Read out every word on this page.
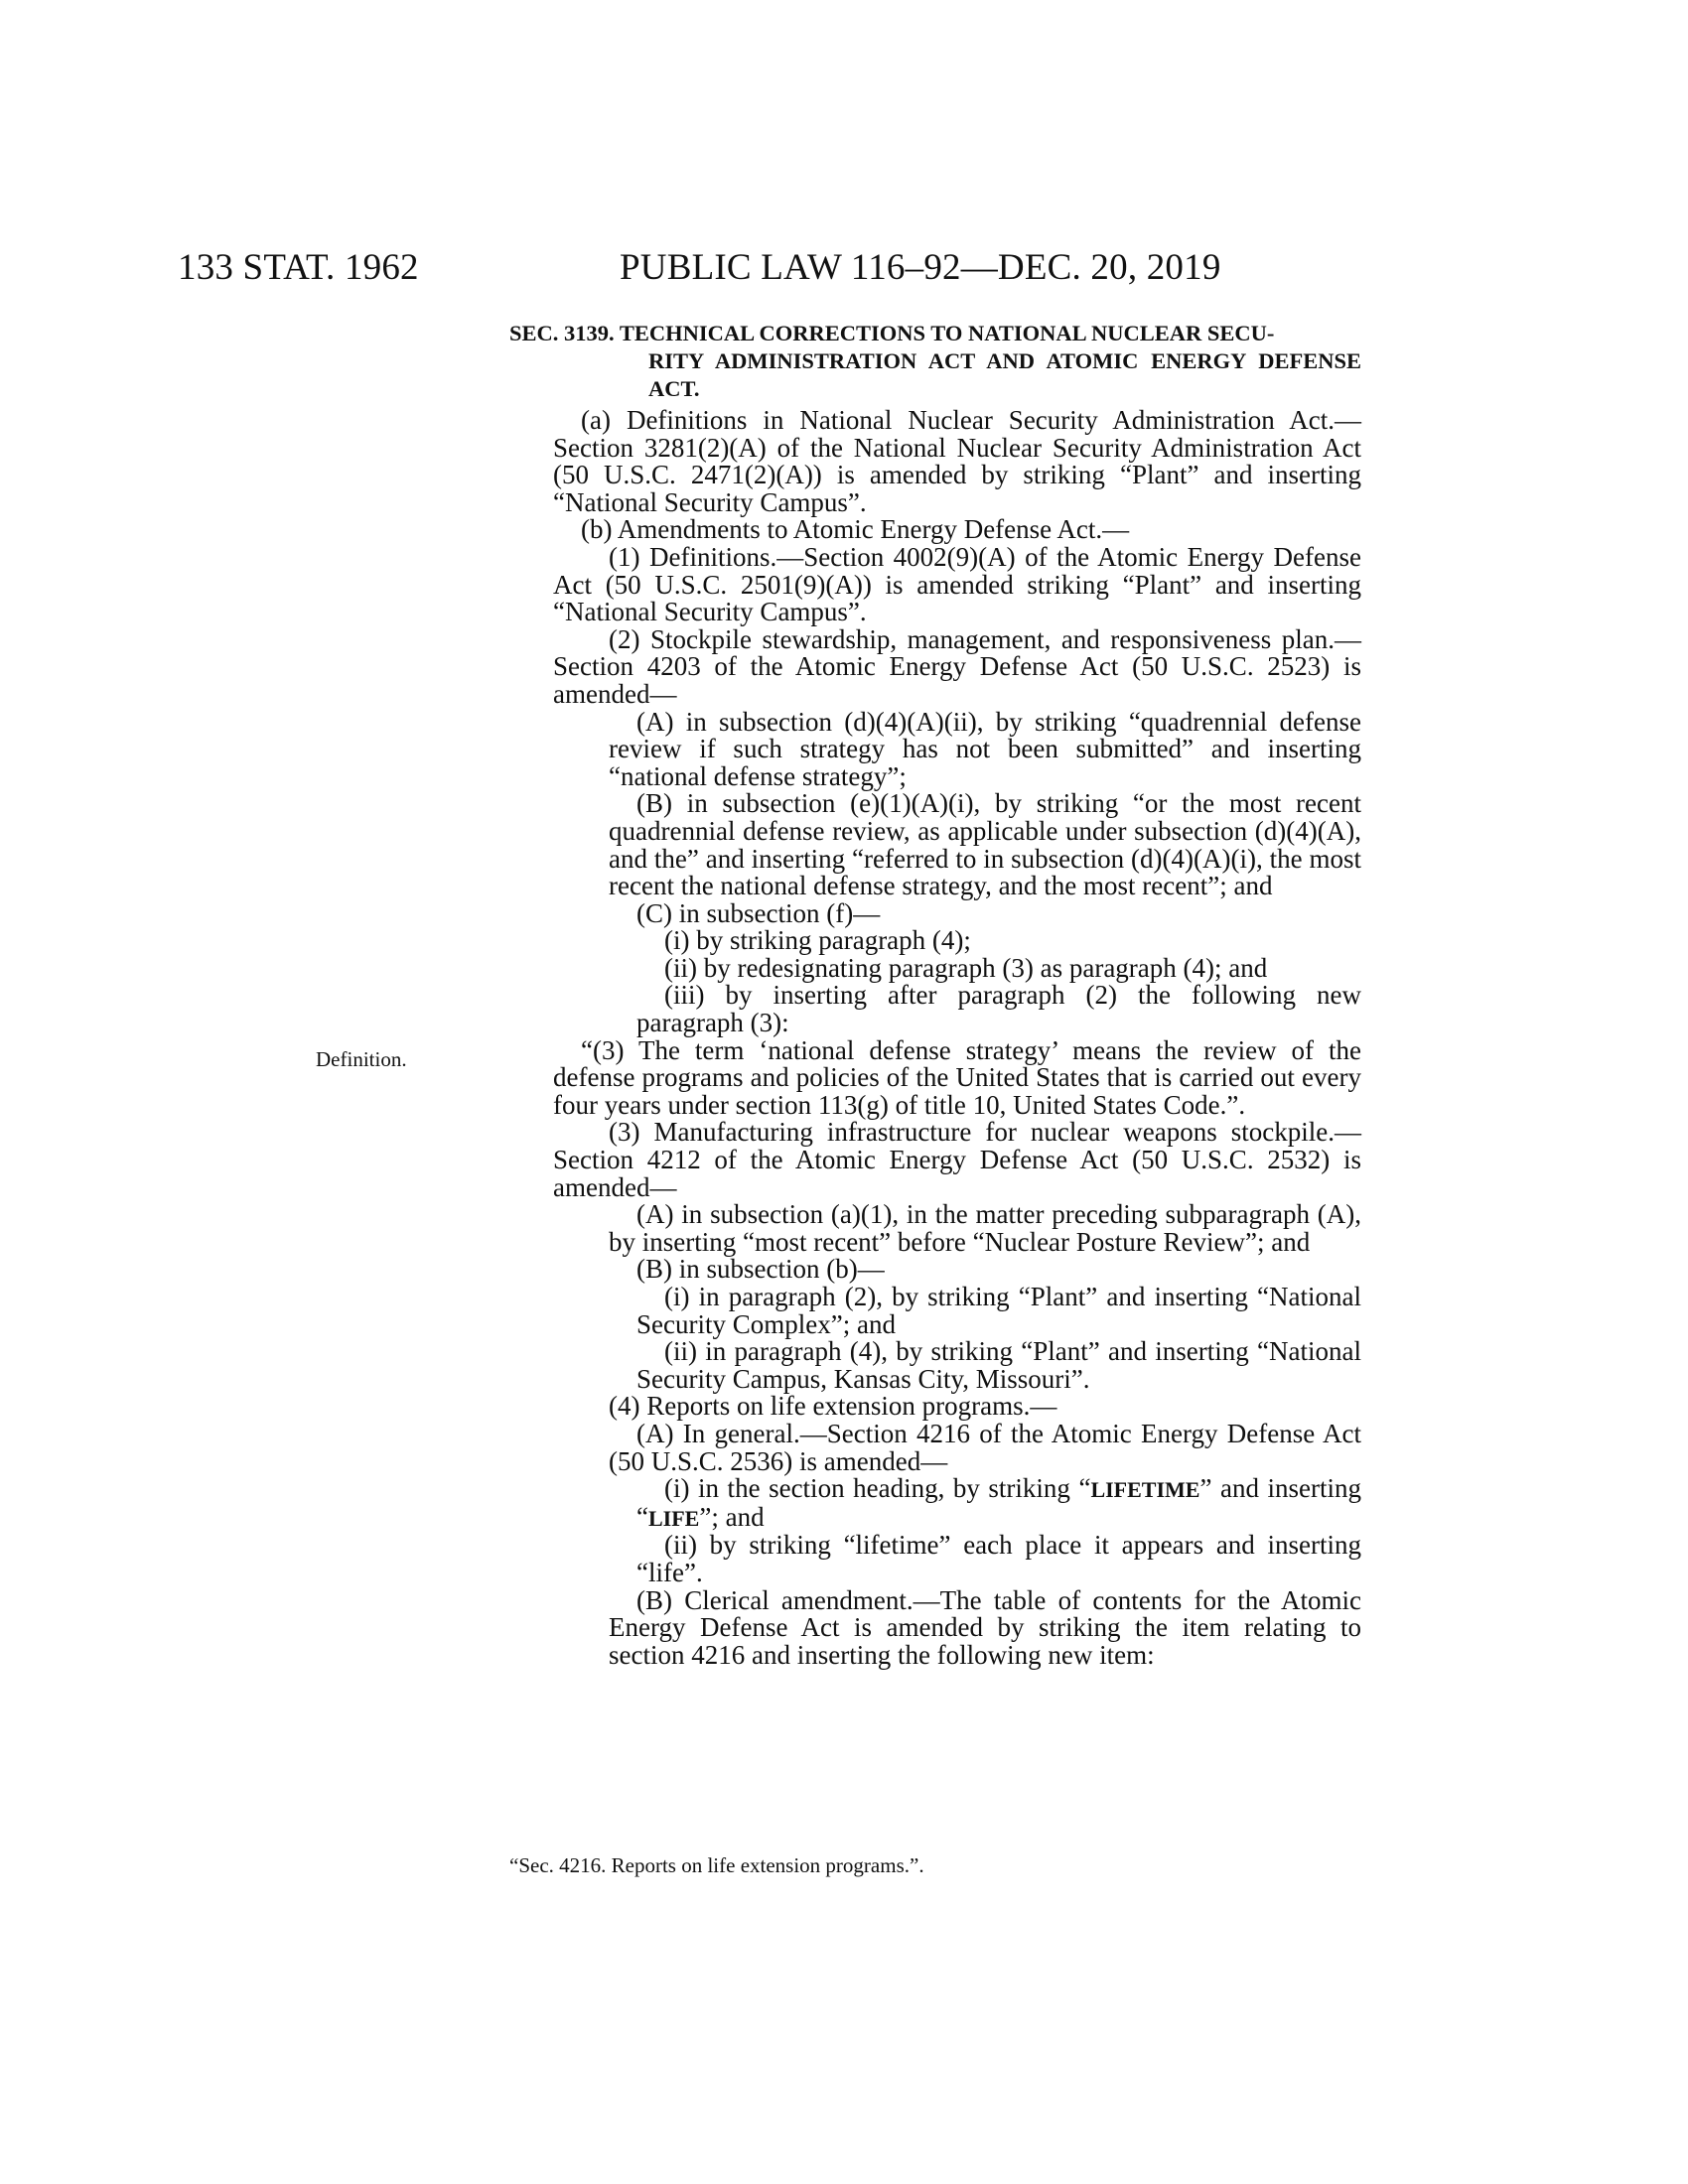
133 STAT. 1962	PUBLIC LAW 116–92—DEC. 20, 2019
SEC. 3139. TECHNICAL CORRECTIONS TO NATIONAL NUCLEAR SECU-
RITY ADMINISTRATION ACT AND ATOMIC ENERGY DEFENSE ACT.

(a) Definitions in National Nuclear Security Administration Act.—Section 3281(2)(A) of the National Nuclear Security Administration Act (50 U.S.C. 2471(2)(A)) is amended by striking “Plant” and inserting “National Security Campus”.

(b) Amendments to Atomic Energy Defense Act.—

(1) Definitions.—Section 4002(9)(A) of the Atomic Energy Defense Act (50 U.S.C. 2501(9)(A)) is amended striking “Plant” and inserting “National Security Campus”.

(2) Stockpile stewardship, management, and responsiveness plan.—Section 4203 of the Atomic Energy Defense Act (50 U.S.C. 2523) is amended—

(A) in subsection (d)(4)(A)(ii), by striking “quadrennial defense review if such strategy has not been submitted” and inserting “national defense strategy”;

(B) in subsection (e)(1)(A)(i), by striking “or the most recent quadrennial defense review, as applicable under subsection (d)(4)(A), and the” and inserting “referred to in subsection (d)(4)(A)(i), the most recent the national defense strategy, and the most recent”; and

(C) in subsection (f)—

(i) by striking paragraph (4);

(ii) by redesignating paragraph (3) as paragraph (4); and

(iii) by inserting after paragraph (2) the following new paragraph (3):

“(3) The term ‘national defense strategy’ means the review of the defense programs and policies of the United States that is carried out every four years under section 113(g) of title 10, United States Code.”.

(3) Manufacturing infrastructure for nuclear weapons stockpile.—Section 4212 of the Atomic Energy Defense Act (50 U.S.C. 2532) is amended—

(A) in subsection (a)(1), in the matter preceding subparagraph (A), by inserting “most recent” before “Nuclear Posture Review”; and

(B) in subsection (b)—

(i) in paragraph (2), by striking “Plant” and inserting “National Security Complex”; and

(ii) in paragraph (4), by striking “Plant” and inserting “National Security Campus, Kansas City, Missouri”.

(4) Reports on life extension programs.—

(A) In general.—Section 4216 of the Atomic Energy Defense Act (50 U.S.C. 2536) is amended—

(i) in the section heading, by striking “LIFETIME” and inserting “LIFE”; and

(ii) by striking “lifetime” each place it appears and inserting “life”.

(B) Clerical amendment.—The table of contents for the Atomic Energy Defense Act is amended by striking the item relating to section 4216 and inserting the following new item:

Definition.
“Sec. 4216. Reports on life extension programs.”.
